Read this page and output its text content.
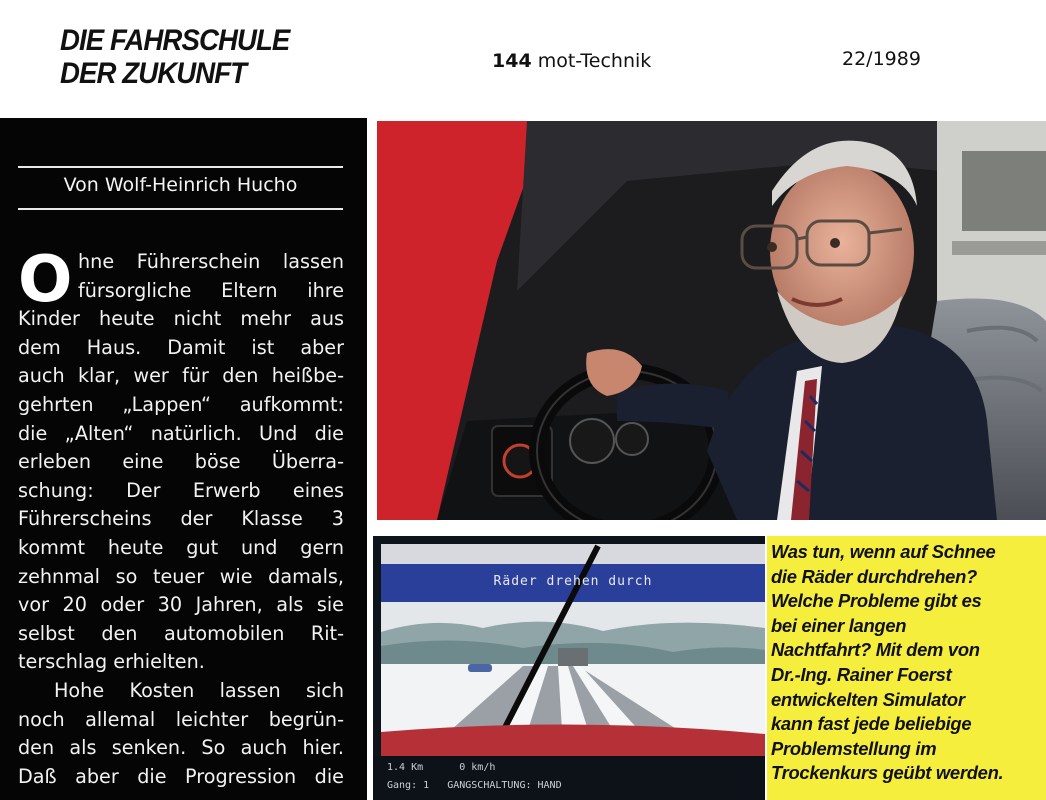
DIE FAHRSCHULE
DER ZUKUNFT	144 mot-Technik	22/1989
Von Wolf-Heinrich Hucho
O hne Führerschein lassen
fürsorgliche Eltern ihre
Kinder heute nicht mehr aus
dem Haus. Damit ist aber
auch klar, wer für den heißbe-
gehrten „Lappen“ aufkommt:
die „Alten“ natürlich. Und die
erleben eine böse Überra-
schung: Der Erwerb eines
Führerscheins der Klasse 3
kommt heute gut und gern
zehnmal so teuer wie damals,
vor 20 oder 30 Jahren, als sie
selbst den automobilen Rit-
terschlag erhielten.
Hohe Kosten lassen sich
noch allemal leichter begrün-
den als senken. So auch hier.
Daß aber die Progression die
Räder drehen durch
1.4 Km      0 km/h
Gang: 1   GANGSCHALTUNG: HAND
Was tun, wenn auf Schnee
die Räder durchdrehen?
Welche Probleme gibt es
bei einer langen
Nachtfahrt? Mit dem von
Dr.-Ing. Rainer Foerst
entwickelten Simulator
kann fast jede beliebige
Problemstellung im
Trockenkurs geübt werden.
